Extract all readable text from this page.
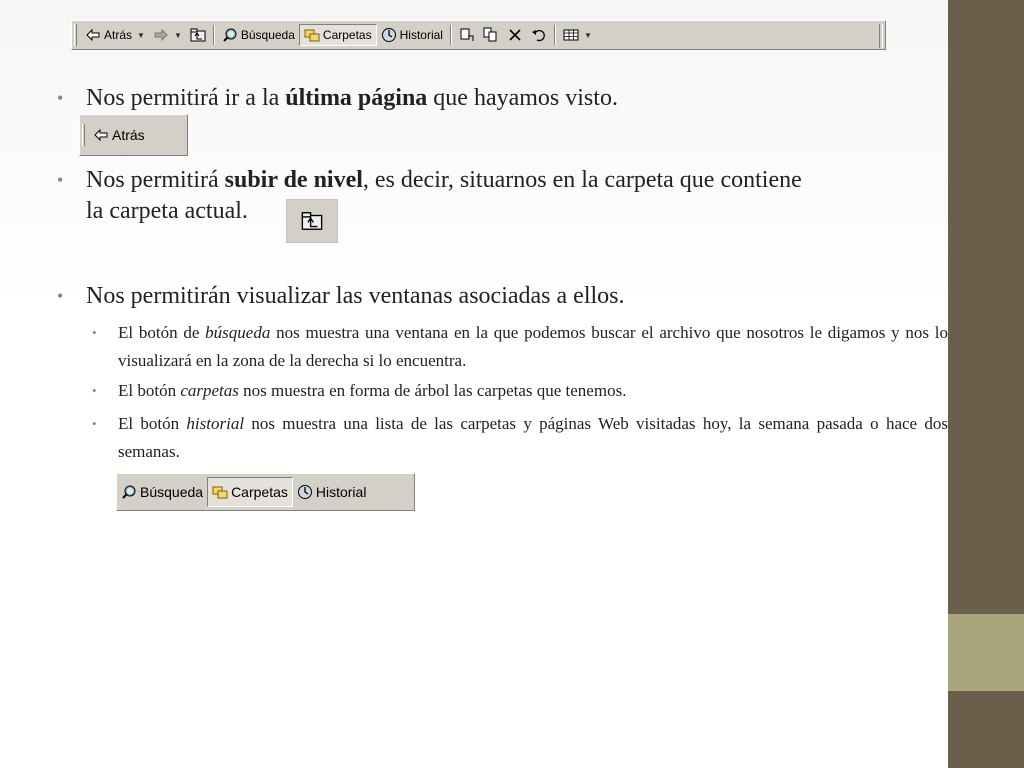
Atrás ▼	▼	Búsqueda Carpetas Historial	▼
• Nos permitirá ir a la última página que hayamos visto.
Atrás
• Nos permitirá subir de nivel, es decir, situarnos en la carpeta que contiene
la carpeta actual.
• Nos permitirán visualizar las ventanas asociadas a ellos.
• El botón de búsqueda nos muestra una ventana en la que podemos buscar el archivo que nosotros le digamos y nos lo visualizará en la zona de la derecha si lo encuentra.
• El botón carpetas nos muestra en forma de árbol las carpetas que tenemos.
• El botón historial nos muestra una lista de las carpetas y páginas Web visitadas hoy, la semana pasada o hace dos semanas.
Búsqueda Carpetas Historial
